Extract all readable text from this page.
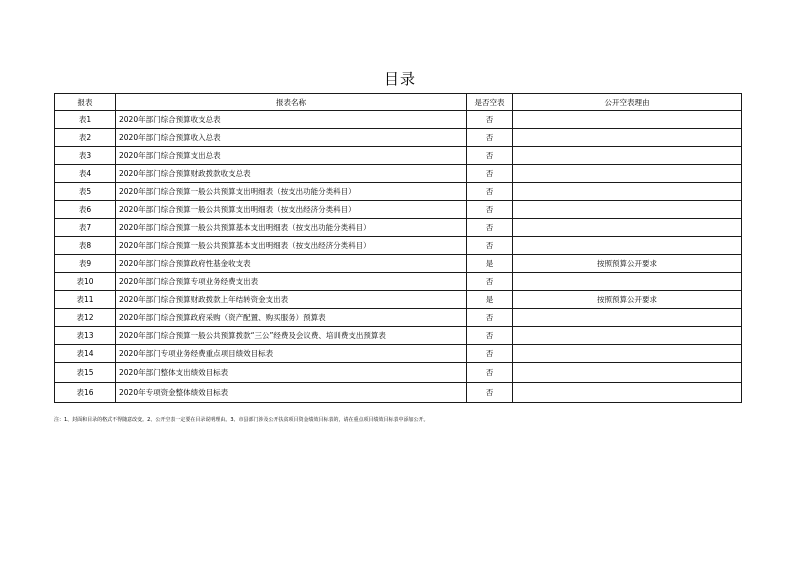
目录
报表	报表名称	是否空表	公开空表理由
表1	2020年部门综合预算收支总表	否	
表2	2020年部门综合预算收入总表	否	
表3	2020年部门综合预算支出总表	否	
表4	2020年部门综合预算财政拨款收支总表	否	
表5	2020年部门综合预算一般公共预算支出明细表（按支出功能分类科目）	否	
表6	2020年部门综合预算一般公共预算支出明细表（按支出经济分类科目）	否	
表7	2020年部门综合预算一般公共预算基本支出明细表（按支出功能分类科目）	否	
表8	2020年部门综合预算一般公共预算基本支出明细表（按支出经济分类科目）	否	
表9	2020年部门综合预算政府性基金收支表	是	按照预算公开要求
表10	2020年部门综合预算专项业务经费支出表	否	
表11	2020年部门综合预算财政拨款上年结转资金支出表	是	按照预算公开要求
表12	2020年部门综合预算政府采购（资产配置、购买服务）预算表	否	
表13	2020年部门综合预算一般公共预算拨款“三公”经费及会议费、培训费支出预算表	否	
表14	2020年部门专项业务经费重点项目绩效目标表	否	
表15	2020年部门整体支出绩效目标表	否	
表16	2020年专项资金整体绩效目标表	否	
注：1、封面和目录的格式不得随意改变。2、公开空表一定要在目录说明理由。3、市县部门涉及公开扶贫项目资金绩效目标表的，请在重点项目绩效目标表中添加公开。
